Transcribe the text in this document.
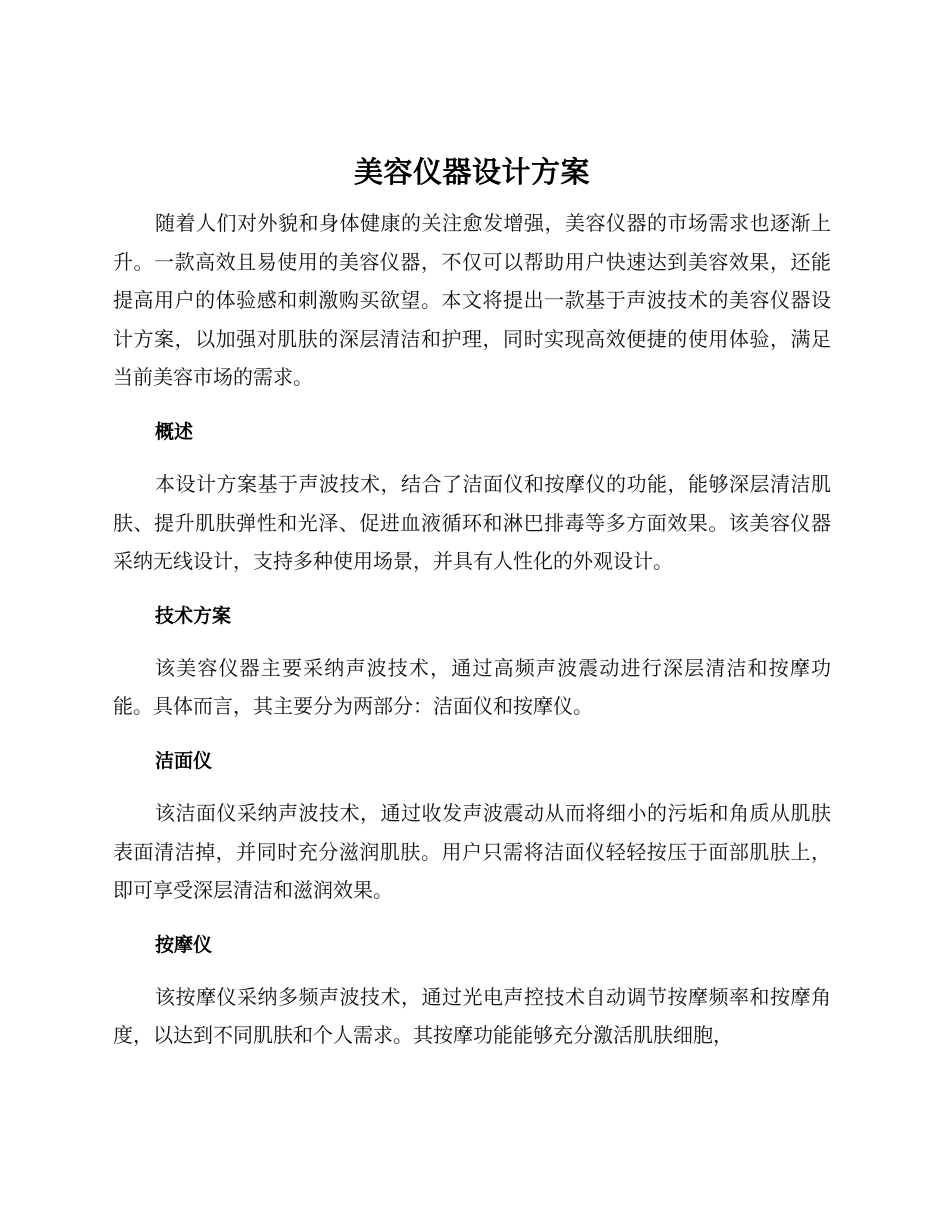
美容仪器设计方案

随着人们对外貌和身体健康的关注愈发增强，美容仪器的市场需求也逐渐上升。一款高效且易使用的美容仪器，不仅可以帮助用户快速达到美容效果，还能提高用户的体验感和刺激购买欲望。本文将提出一款基于声波技术的美容仪器设计方案，以加强对肌肤的深层清洁和护理，同时实现高效便捷的使用体验，满足当前美容市场的需求。

概述

本设计方案基于声波技术，结合了洁面仪和按摩仪的功能，能够深层清洁肌肤、提升肌肤弹性和光泽、促进血液循环和淋巴排毒等多方面效果。该美容仪器采纳无线设计，支持多种使用场景，并具有人性化的外观设计。

技术方案

该美容仪器主要采纳声波技术，通过高频声波震动进行深层清洁和按摩功能。具体而言，其主要分为两部分：洁面仪和按摩仪。

洁面仪

该洁面仪采纳声波技术，通过收发声波震动从而将细小的污垢和角质从肌肤表面清洁掉，并同时充分滋润肌肤。用户只需将洁面仪轻轻按压于面部肌肤上，即可享受深层清洁和滋润效果。

按摩仪

该按摩仪采纳多频声波技术，通过光电声控技术自动调节按摩频率和按摩角度，以达到不同肌肤和个人需求。其按摩功能能够充分激活肌肤细胞，
